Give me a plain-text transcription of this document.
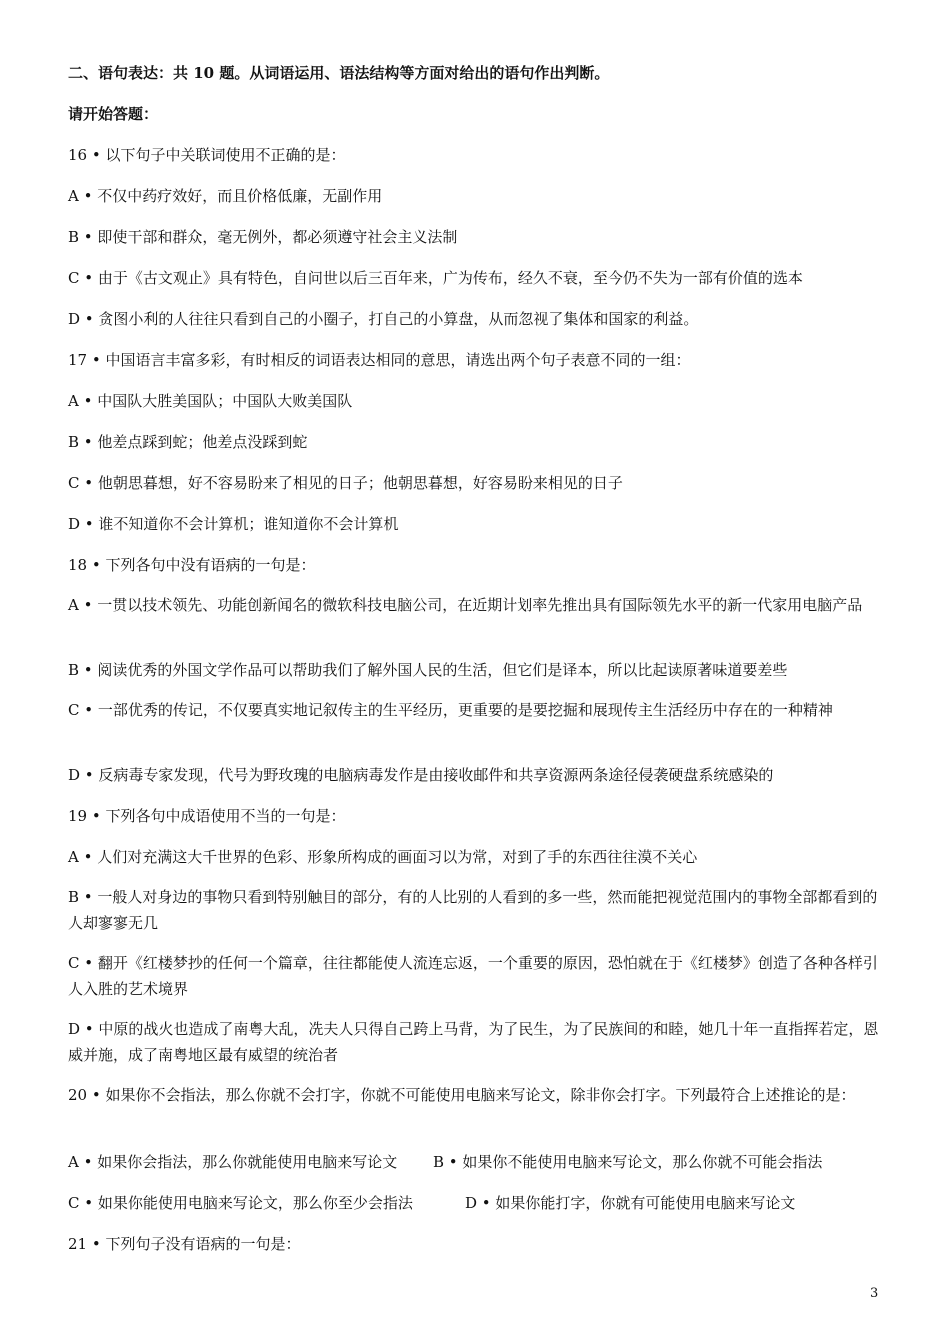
二、语句表达：共 10 题。从词语运用、语法结构等方面对给出的语句作出判断。
请开始答题：
16 • 以下句子中关联词使用不正确的是：
A • 不仅中药疗效好，而且价格低廉，无副作用
B • 即使干部和群众，毫无例外，都必须遵守社会主义法制
C • 由于《古文观止》具有特色，自问世以后三百年来，广为传布，经久不衰，至今仍不失为一部有价值的选本
D • 贪图小利的人往往只看到自己的小圈子，打自己的小算盘，从而忽视了集体和国家的利益。
17 • 中国语言丰富多彩，有时相反的词语表达相同的意思，请选出两个句子表意不同的一组：
A • 中国队大胜美国队；中国队大败美国队
B • 他差点踩到蛇；他差点没踩到蛇
C • 他朝思暮想，好不容易盼来了相见的日子；他朝思暮想，好容易盼来相见的日子
D • 谁不知道你不会计算机；谁知道你不会计算机
18 • 下列各句中没有语病的一句是：
A • 一贯以技术领先、功能创新闻名的微软科技电脑公司，在近期计划率先推出具有国际领先水平的新一代家用电脑产品
B • 阅读优秀的外国文学作品可以帮助我们了解外国人民的生活，但它们是译本，所以比起读原著味道要差些
C • 一部优秀的传记，不仅要真实地记叙传主的生平经历，更重要的是要挖掘和展现传主生活经历中存在的一种精神
D • 反病毒专家发现，代号为野玫瑰的电脑病毒发作是由接收邮件和共享资源两条途径侵袭硬盘系统感染的
19 • 下列各句中成语使用不当的一句是：
A • 人们对充满这大千世界的色彩、形象所构成的画面习以为常，对到了手的东西往往漠不关心
B • 一般人对身边的事物只看到特别触目的部分，有的人比别的人看到的多一些，然而能把视觉范围内的事物全部都看到的人却寥寥无几
C • 翻开《红楼梦抄的任何一个篇章，往往都能使人流连忘返，一个重要的原因，恐怕就在于《红楼梦》创造了各种各样引人入胜的艺术境界
D • 中原的战火也造成了南粤大乱，冼夫人只得自己跨上马背，为了民生，为了民族间的和睦，她几十年一直指挥若定，恩威并施，成了南粤地区最有威望的统治者
20 • 如果你不会指法，那么你就不会打字，你就不可能使用电脑来写论文，除非你会打字。下列最符合上述推论的是：
A • 如果你会指法，那么你就能使用电脑来写论文 B • 如果你不能使用电脑来写论文，那么你就不可能会指法
C • 如果你能使用电脑来写论文，那么你至少会指法	D • 如果你能打字，你就有可能使用电脑来写论文
21 • 下列句子没有语病的一句是：
3
